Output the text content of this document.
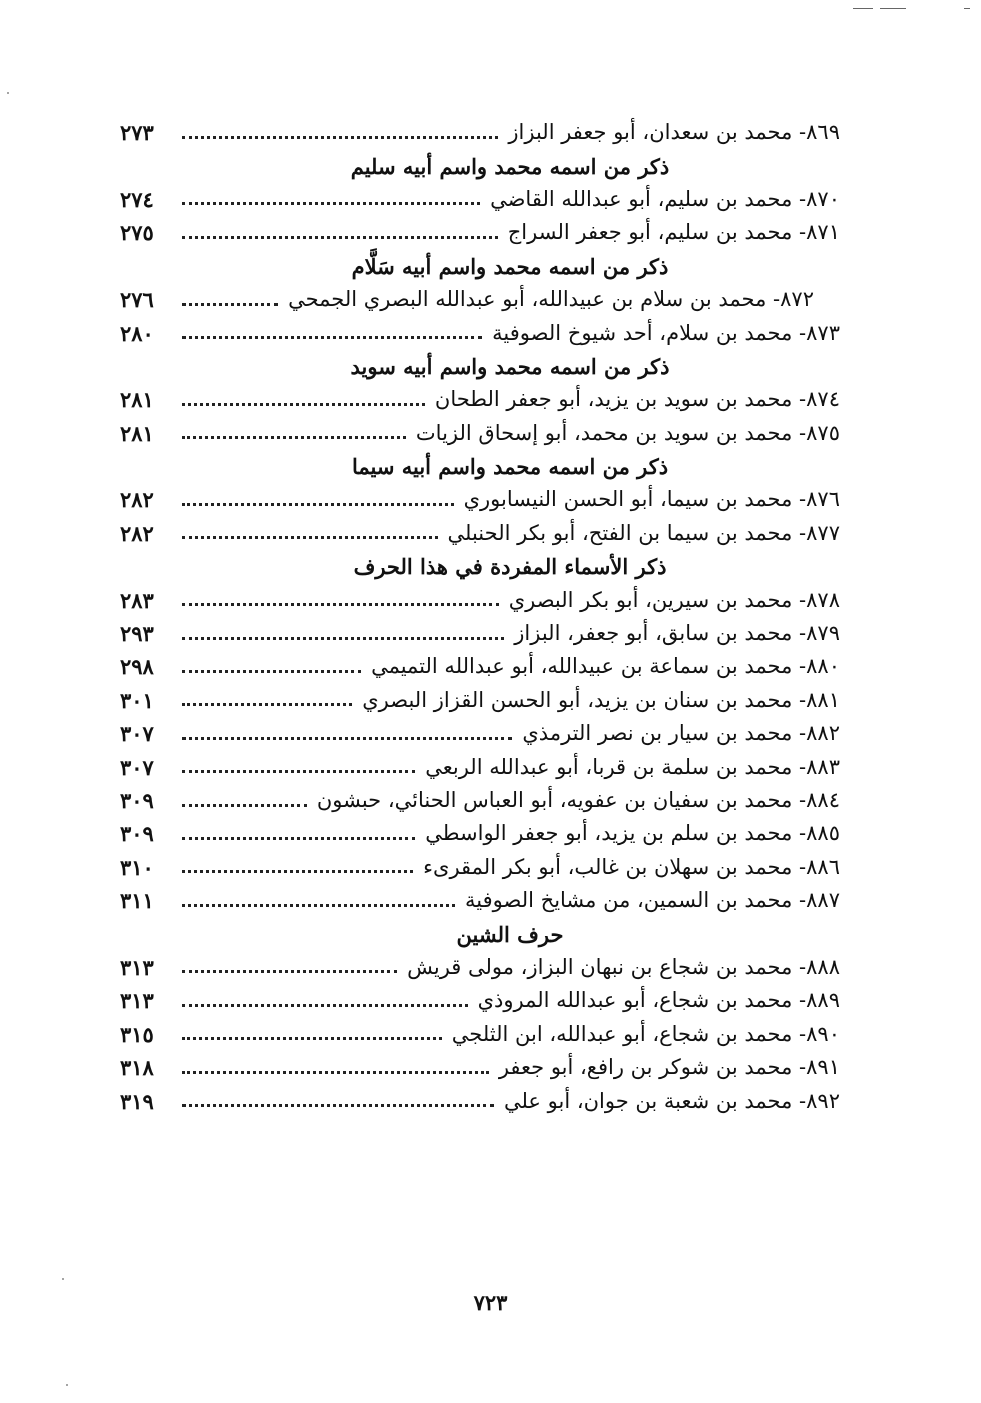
٨٦٩- محمد بن سعدان، أبو جعفر البزاز
٢٧٣
ذكر من اسمه محمد واسم أبيه سليم
٨٧٠- محمد بن سليم، أبو عبدالله القاضي
٢٧٤
٨٧١- محمد بن سليم، أبو جعفر السراج
٢٧٥
ذكر من اسمه محمد واسم أبيه سَلَّام
٨٧٢- محمد بن سلام بن عبيدالله، أبو عبدالله البصري الجمحي
٢٧٦
٨٧٣- محمد بن سلام، أحد شيوخ الصوفية
٢٨٠
ذكر من اسمه محمد واسم أبيه سويد
٨٧٤- محمد بن سويد بن يزيد، أبو جعفر الطحان
٢٨١
٨٧٥- محمد بن سويد بن محمد، أبو إسحاق الزيات
٢٨١
ذكر من اسمه محمد واسم أبيه سيما
٨٧٦- محمد بن سيما، أبو الحسن النيسابوري
٢٨٢
٨٧٧- محمد بن سيما بن الفتح، أبو بكر الحنبلي
٢٨٢
ذكر الأسماء المفردة في هذا الحرف
٨٧٨- محمد بن سيرين، أبو بكر البصري
٢٨٣
٨٧٩- محمد بن سابق، أبو جعفر، البزاز
٢٩٣
٨٨٠- محمد بن سماعة بن عبيدالله، أبو عبدالله التميمي
٢٩٨
٨٨١- محمد بن سنان بن يزيد، أبو الحسن القزاز البصري
٣٠١
٨٨٢- محمد بن سيار بن نصر الترمذي
٣٠٧
٨٨٣- محمد بن سلمة بن قربا، أبو عبدالله الربعي
٣٠٧
٨٨٤- محمد بن سفيان بن عفويه، أبو العباس الحنائي، حبشون
٣٠٩
٨٨٥- محمد بن سلم بن يزيد، أبو جعفر الواسطي
٣٠٩
٨٨٦- محمد بن سهلان بن غالب، أبو بكر المقرىء
٣١٠
٨٨٧- محمد بن السمين، من مشايخ الصوفية
٣١١
حرف الشين
٨٨٨- محمد بن شجاع بن نبهان البزاز، مولى قريش
٣١٣
٨٨٩- محمد بن شجاع، أبو عبدالله المروذي
٣١٣
٨٩٠- محمد بن شجاع، أبو عبدالله، ابن الثلجي
٣١٥
٨٩١- محمد بن شوكر بن رافع، أبو جعفر
٣١٨
٨٩٢- محمد بن شعبة بن جوان، أبو علي
٣١٩
٧٢٣
